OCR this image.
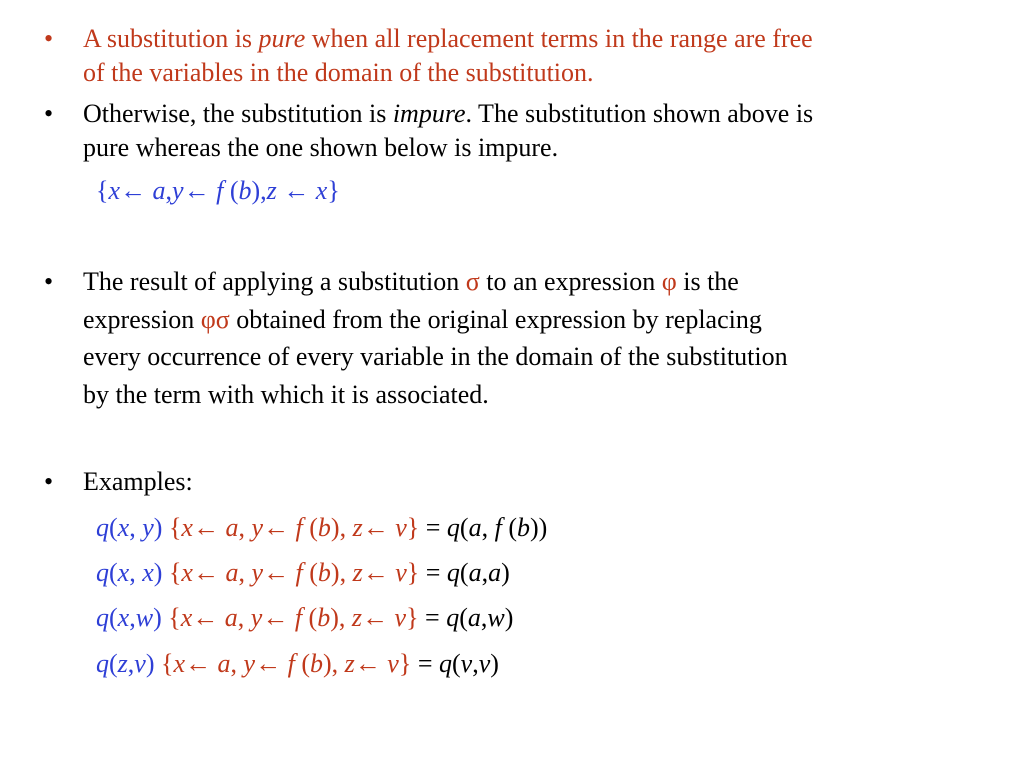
• A substitution is pure when all replacement terms in the range are free
of the variables in the domain of the substitution.
• Otherwise, the substitution is impure. The substitution shown above is
pure whereas the one shown below is impure.
{x← a,y← f (b),z ← x}
• The result of applying a substitution σ to an expression φ is the
expression φσ obtained from the original expression by replacing
every occurrence of every variable in the domain of the substitution
by the term with which it is associated.
• Examples:
q(x, y) {x← a, y← f (b), z← v} = q(a, f (b))
q(x, x) {x← a, y← f (b), z← v} = q(a,a)
q(x,w) {x← a, y← f (b), z← v} = q(a,w)
q(z,v) {x← a, y← f (b), z← v} = q(v,v)
